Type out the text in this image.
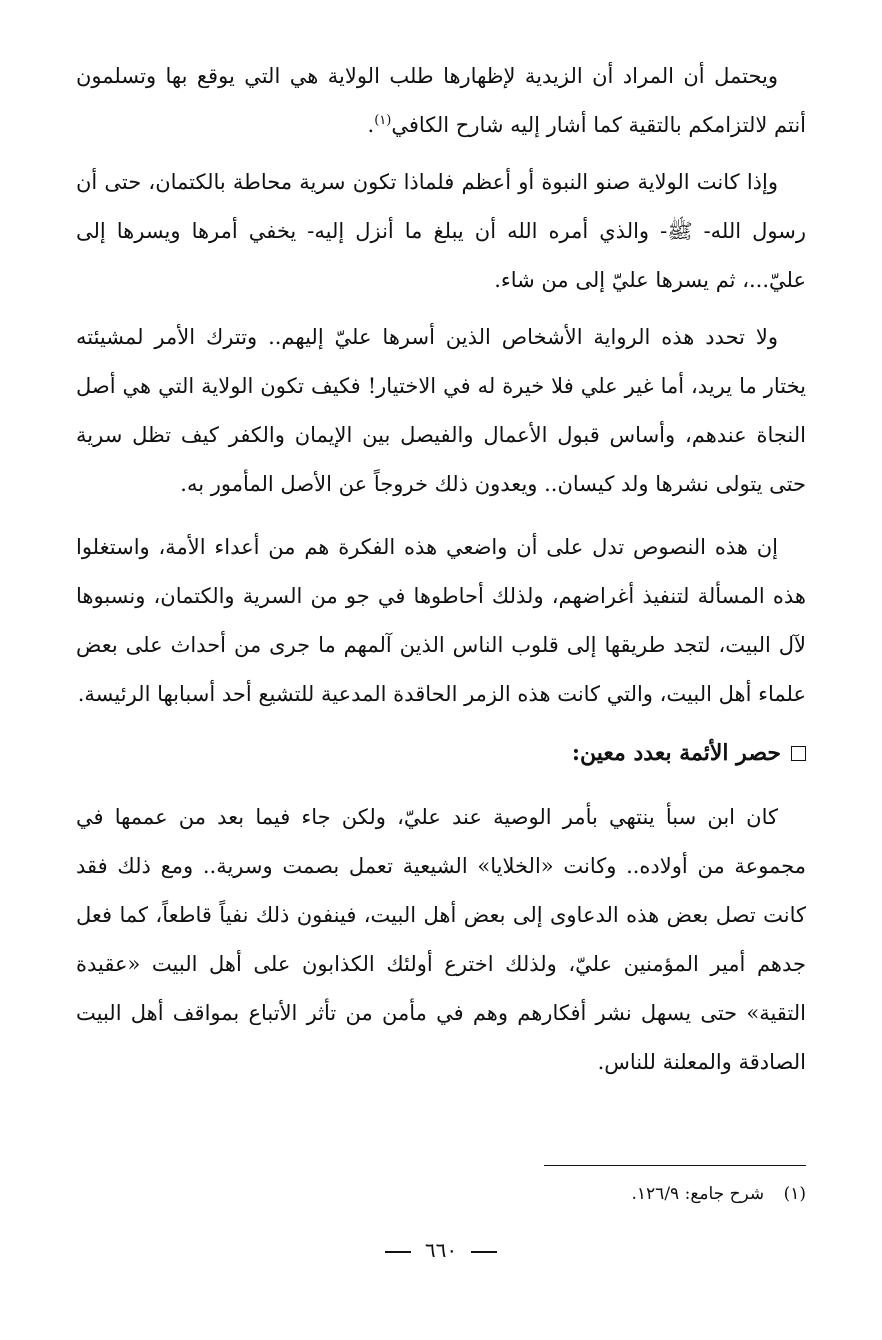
ويحتمل أن المراد أن الزيدية لإظهارها طلب الولاية هي التي يوقع بها وتسلمون أنتم لالتزامكم بالتقية كما أشار إليه شارح الكافي$^{(١)}$.

وإذا كانت الولاية صنو النبوة أو أعظم فلماذا تكون سرية محاطة بالكتمان، حتى أن رسول الله- ﷺ- والذي أمره الله أن يبلغ ما أنزل إليه- يخفي أمرها ويسرها إلى عليّ...، ثم يسرها عليّ إلى من شاء.

ولا تحدد هذه الرواية الأشخاص الذين أسرها عليّ إليهم.. وتترك الأمر لمشيئته يختار ما يريد، أما غير علي فلا خيرة له في الاختيار! فكيف تكون الولاية التي هي أصل النجاة عندهم، وأساس قبول الأعمال والفيصل بين الإيمان والكفر كيف تظل سرية حتى يتولى نشرها ولد كيسان.. ويعدون ذلك خروجاً عن الأصل المأمور به.

إن هذه النصوص تدل على أن واضعي هذه الفكرة هم من أعداء الأمة، واستغلوا هذه المسألة لتنفيذ أغراضهم، ولذلك أحاطوها في جو من السرية والكتمان، ونسبوها لآل البيت، لتجد طريقها إلى قلوب الناس الذين آلمهم ما جرى من أحداث على بعض علماء أهل البيت، والتي كانت هذه الزمر الحاقدة المدعية للتشيع أحد أسبابها الرئيسة.

حصر الأئمة بعدد معين:

كان ابن سبأ ينتهي بأمر الوصية عند عليّ، ولكن جاء فيما بعد من عممها في مجموعة من أولاده.. وكانت «الخلايا» الشيعية تعمل بصمت وسرية.. ومع ذلك فقد كانت تصل بعض هذه الدعاوى إلى بعض أهل البيت، فينفون ذلك نفياً قاطعاً، كما فعل جدهم أمير المؤمنين عليّ، ولذلك اخترع أولئك الكذابون على أهل البيت «عقيدة التقية» حتى يسهل نشر أفكارهم وهم في مأمن من تأثر الأتباع بمواقف أهل البيت الصادقة والمعلنة للناس.

(١) شرح جامع: ١٢٦/٩.
٦٦٠
